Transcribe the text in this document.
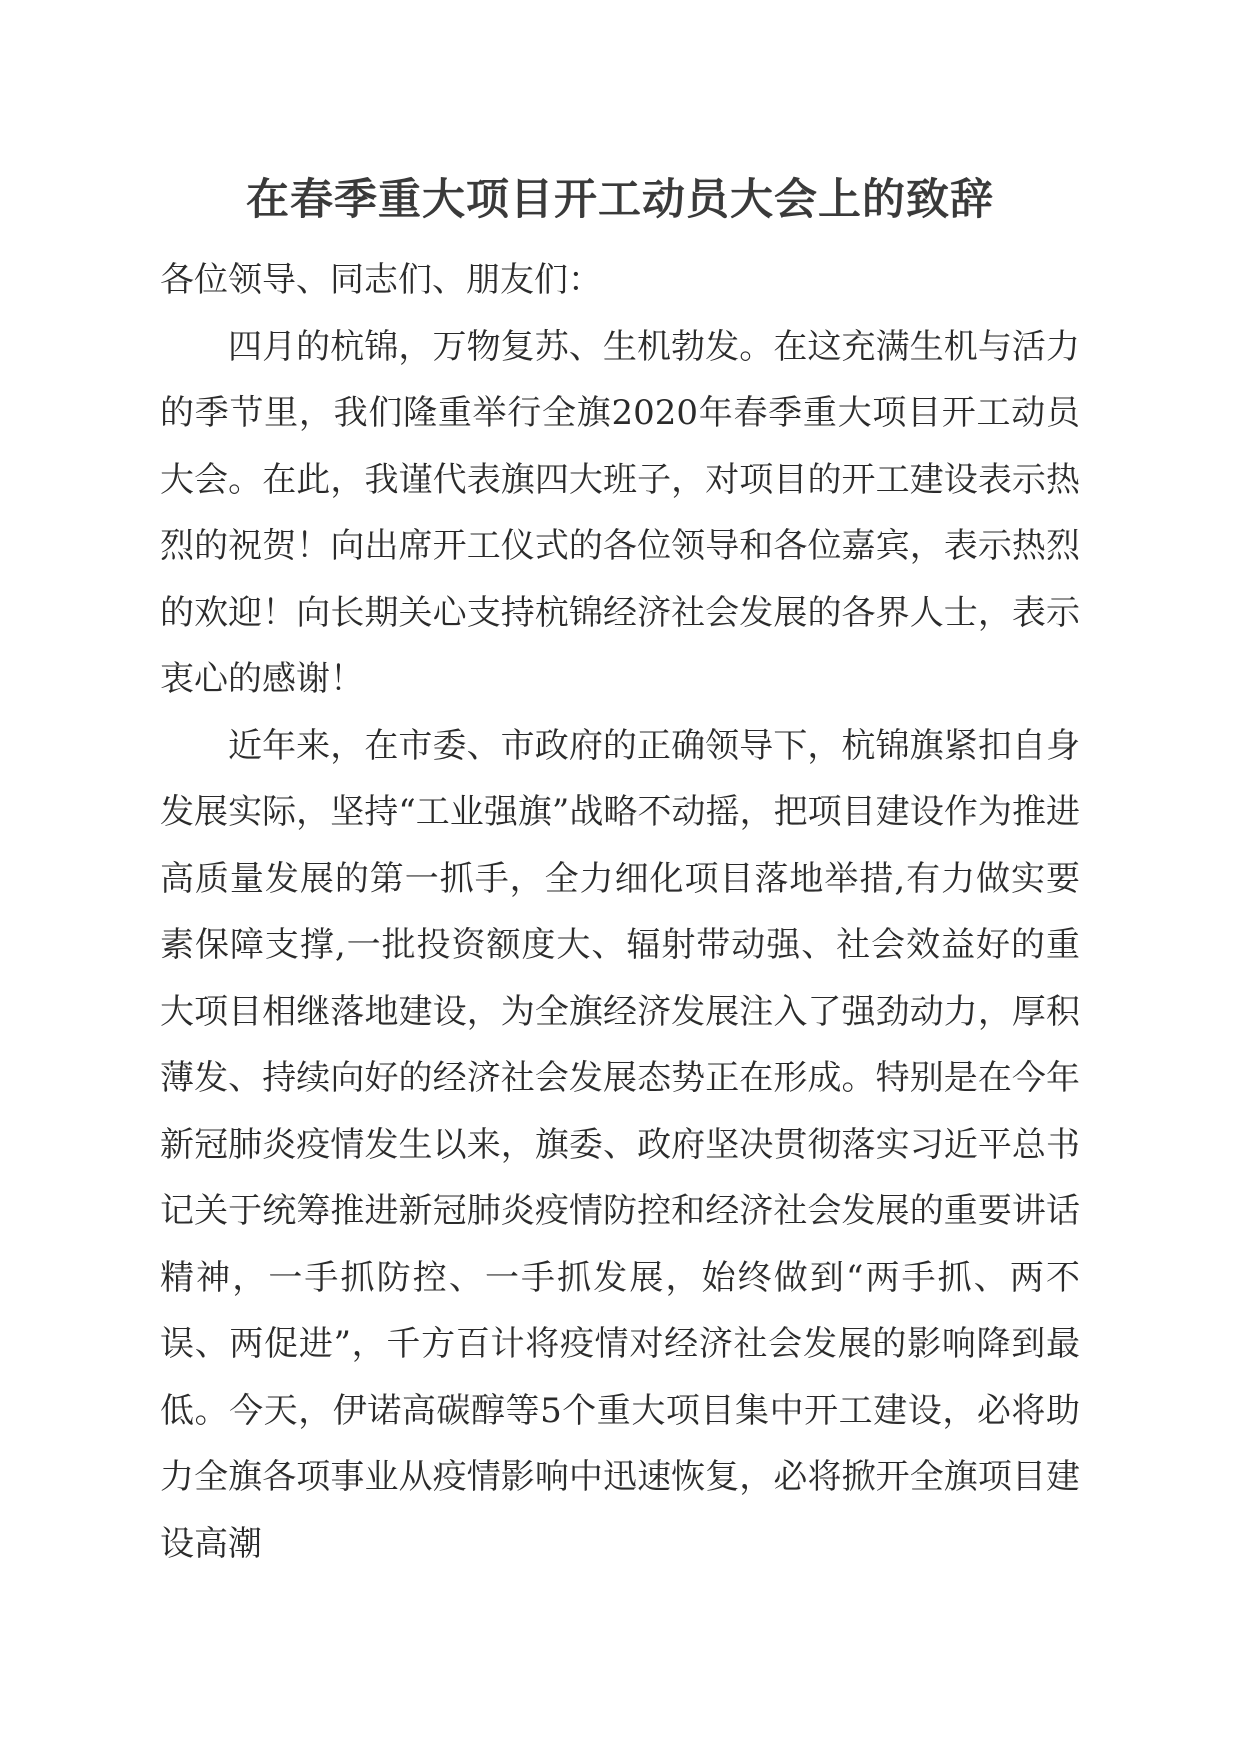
在春季重大项目开工动员大会上的致辞

各位领导、同志们、朋友们：

四月的杭锦，万物复苏、生机勃发。在这充满生机与活力的季节里，我们隆重举行全旗2020年春季重大项目开工动员大会。在此，我谨代表旗四大班子，对项目的开工建设表示热烈的祝贺！向出席开工仪式的各位领导和各位嘉宾，表示热烈的欢迎！向长期关心支持杭锦经济社会发展的各界人士，表示衷心的感谢！

近年来，在市委、市政府的正确领导下，杭锦旗紧扣自身发展实际，坚持“工业强旗”战略不动摇，把项目建设作为推进高质量发展的第一抓手，全力细化项目落地举措,有力做实要素保障支撑,一批投资额度大、辐射带动强、社会效益好的重大项目相继落地建设，为全旗经济发展注入了强劲动力，厚积薄发、持续向好的经济社会发展态势正在形成。特别是在今年新冠肺炎疫情发生以来，旗委、政府坚决贯彻落实习近平总书记关于统筹推进新冠肺炎疫情防控和经济社会发展的重要讲话精神，一手抓防控、一手抓发展，始终做到“两手抓、两不误、两促进”，千方百计将疫情对经济社会发展的影响降到最低。今天，伊诺高碳醇等5个重大项目集中开工建设，必将助力全旗各项事业从疫情影响中迅速恢复，必将掀开全旗项目建设高潮
